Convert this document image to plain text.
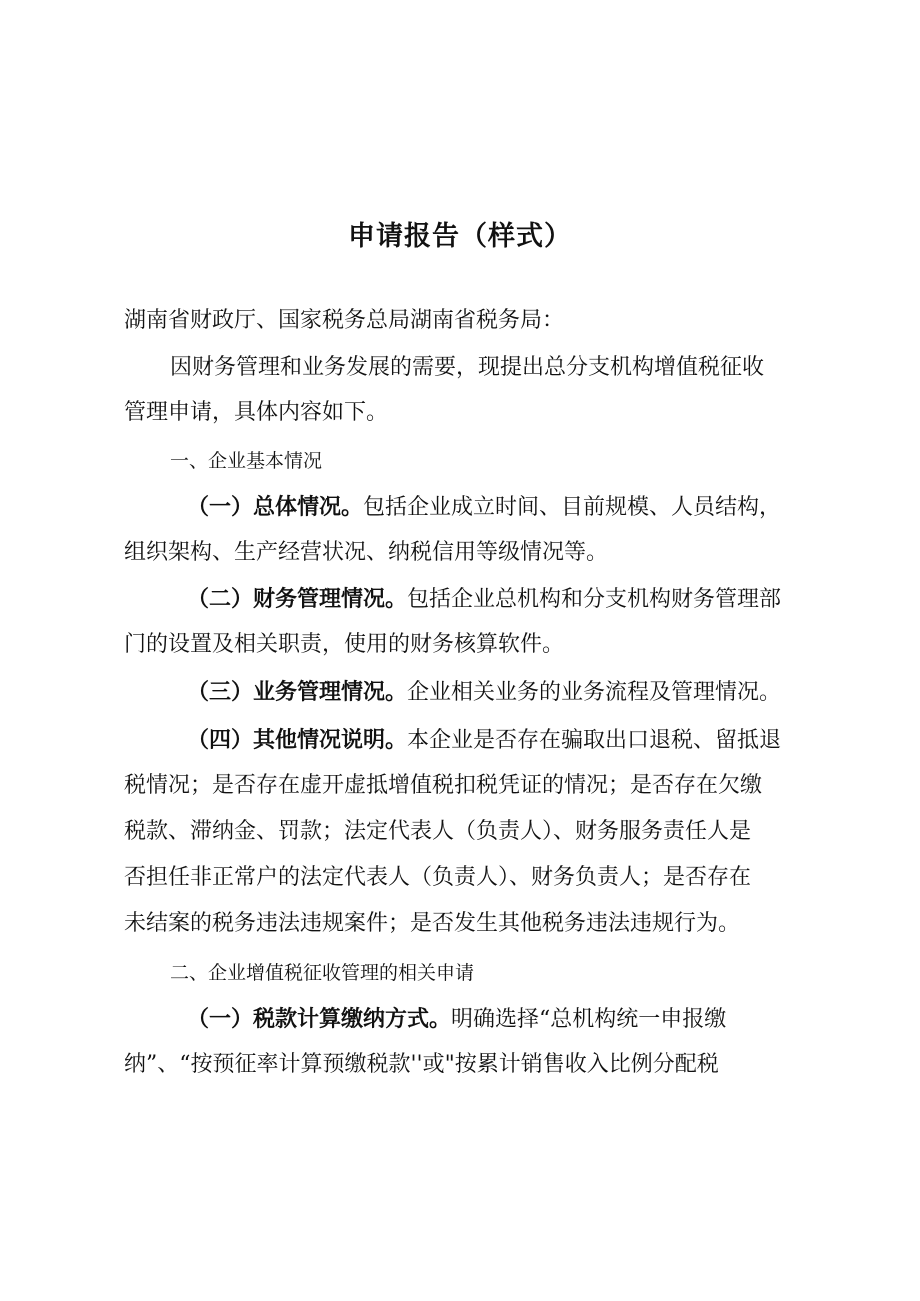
申请报告（样式）
湖南省财政厅、国家税务总局湖南省税务局：
因财务管理和业务发展的需要，现提出总分支机构增值税征收
管理申请，具体内容如下。
一、企业基本情况
（一）总体情况。包括企业成立时间、目前规模、人员结构，
组织架构、生产经营状况、纳税信用等级情况等。
（二）财务管理情况。包括企业总机构和分支机构财务管理部
门的设置及相关职责，使用的财务核算软件。
（三）业务管理情况。企业相关业务的业务流程及管理情况。
（四）其他情况说明。本企业是否存在骗取出口退税、留抵退
税情况；是否存在虚开虚抵增值税扣税凭证的情况；是否存在欠缴
税款、滞纳金、罚款；法定代表人（负责人）、财务服务责任人是
否担任非正常户的法定代表人（负责人）、财务负责人；是否存在
未结案的税务违法违规案件；是否发生其他税务违法违规行为。
二、企业增值税征收管理的相关申请
（一）税款计算缴纳方式。明确选择“总机构统一申报缴
纳”、“按预征率计算预缴税款''或"按累计销售收入比例分配税
